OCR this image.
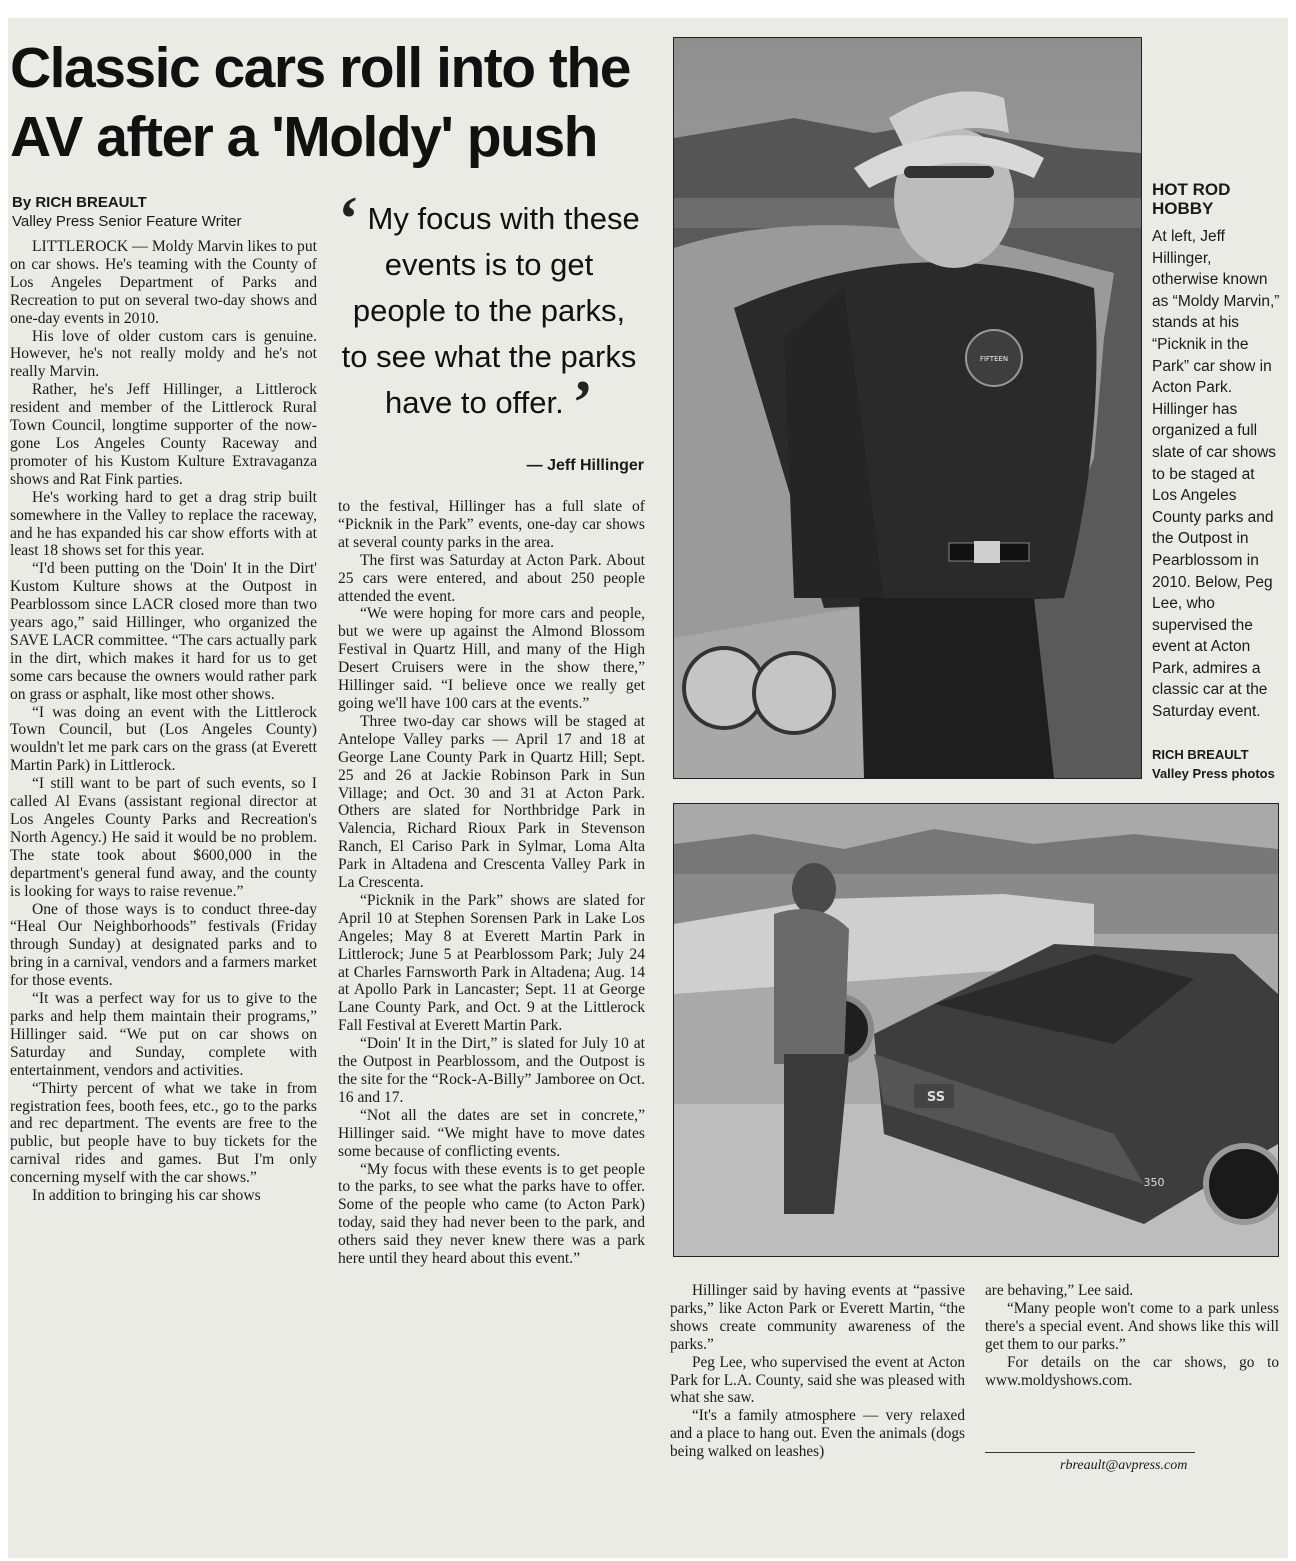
Classic cars roll into the
AV after a 'Moldy' push
By RICH BREAULT
Valley Press Senior Feature Writer

LITTLEROCK — Moldy Marvin likes to put on car shows. He's teaming with the County of Los Angeles Department of Parks and Recreation to put on several two-day shows and one-day events in 2010.

His love of older custom cars is genuine. However, he's not really moldy and he's not really Marvin.

Rather, he's Jeff Hillinger, a Littlerock resident and member of the Littlerock Rural Town Council, longtime supporter of the now-gone Los Angeles County Raceway and promoter of his Kustom Kulture Extravaganza shows and Rat Fink parties.

He's working hard to get a drag strip built somewhere in the Valley to replace the raceway, and he has expanded his car show efforts with at least 18 shows set for this year.

“I'd been putting on the 'Doin' It in the Dirt' Kustom Kulture shows at the Outpost in Pearblossom since LACR closed more than two years ago,” said Hillinger, who organized the SAVE LACR committee. “The cars actually park in the dirt, which makes it hard for us to get some cars because the owners would rather park on grass or asphalt, like most other shows.

“I was doing an event with the Littlerock Town Council, but (Los Angeles County) wouldn't let me park cars on the grass (at Everett Martin Park) in Littlerock.

“I still want to be part of such events, so I called Al Evans (assistant regional director at Los Angeles County Parks and Recreation's North Agency.) He said it would be no problem. The state took about $600,000 in the department's general fund away, and the county is looking for ways to raise revenue.”

One of those ways is to conduct three-day “Heal Our Neighborhoods” festivals (Friday through Sunday) at designated parks and to bring in a carnival, vendors and a farmers market for those events.

“It was a perfect way for us to give to the parks and help them maintain their programs,” Hillinger said. “We put on car shows on Saturday and Sunday, complete with entertainment, vendors and activities.

“Thirty percent of what we take in from registration fees, booth fees, etc., go to the parks and rec department. The events are free to the public, but people have to buy tickets for the carnival rides and games. But I'm only concerning myself with the car shows.”

In addition to bringing his car shows

‘ My focus with these events is to get people to the parks, to see what the parks have to offer. ’
— Jeff Hillinger

to the festival, Hillinger has a full slate of “Picknik in the Park” events, one-day car shows at several county parks in the area.

The first was Saturday at Acton Park. About 25 cars were entered, and about 250 people attended the event.

“We were hoping for more cars and people, but we were up against the Almond Blossom Festival in Quartz Hill, and many of the High Desert Cruisers were in the show there,” Hillinger said. “I believe once we really get going we'll have 100 cars at the events.”

Three two-day car shows will be staged at Antelope Valley parks — April 17 and 18 at George Lane County Park in Quartz Hill; Sept. 25 and 26 at Jackie Robinson Park in Sun Village; and Oct. 30 and 31 at Acton Park. Others are slated for Northbridge Park in Valencia, Richard Rioux Park in Stevenson Ranch, El Cariso Park in Sylmar, Loma Alta Park in Altadena and Crescenta Valley Park in La Crescenta.

“Picknik in the Park” shows are slated for April 10 at Stephen Sorensen Park in Lake Los Angeles; May 8 at Everett Martin Park in Littlerock; June 5 at Pearblossom Park; July 24 at Charles Farnsworth Park in Altadena; Aug. 14 at Apollo Park in Lancaster; Sept. 11 at George Lane County Park, and Oct. 9 at the Littlerock Fall Festival at Everett Martin Park.

“Doin' It in the Dirt,” is slated for July 10 at the Outpost in Pearblossom, and the Outpost is the site for the “Rock-A-Billy” Jamboree on Oct. 16 and 17.

“Not all the dates are set in concrete,” Hillinger said. “We might have to move dates some because of conflicting events.

“My focus with these events is to get people to the parks, to see what the parks have to offer. Some of the people who came (to Acton Park) today, said they had never been to the park, and others said they never knew there was a park here until they heard about this event.”

FIFTEEN
HOT ROD
HOBBY
At left, Jeff Hillinger, otherwise known as “Moldy Marvin,” stands at his “Picknik in the Park” car show in Acton Park. Hillinger has organized a full slate of car shows to be staged at Los Angeles County parks and the Outpost in Pearblossom in 2010. Below, Peg Lee, who supervised the event at Acton Park, admires a classic car at the Saturday event.
RICH BREAULT
Valley Press photos
SS
350

Hillinger said by having events at “passive parks,” like Acton Park or Everett Martin, “the shows create community awareness of the parks.”

Peg Lee, who supervised the event at Acton Park for L.A. County, said she was pleased with what she saw.

“It's a family atmosphere — very relaxed and a place to hang out. Even the animals (dogs being walked on leashes)

are behaving,” Lee said.

“Many people won't come to a park unless there's a special event. And shows like this will get them to our parks.”

For details on the car shows, go to www.moldyshows.com.

rbreault@avpress.com
